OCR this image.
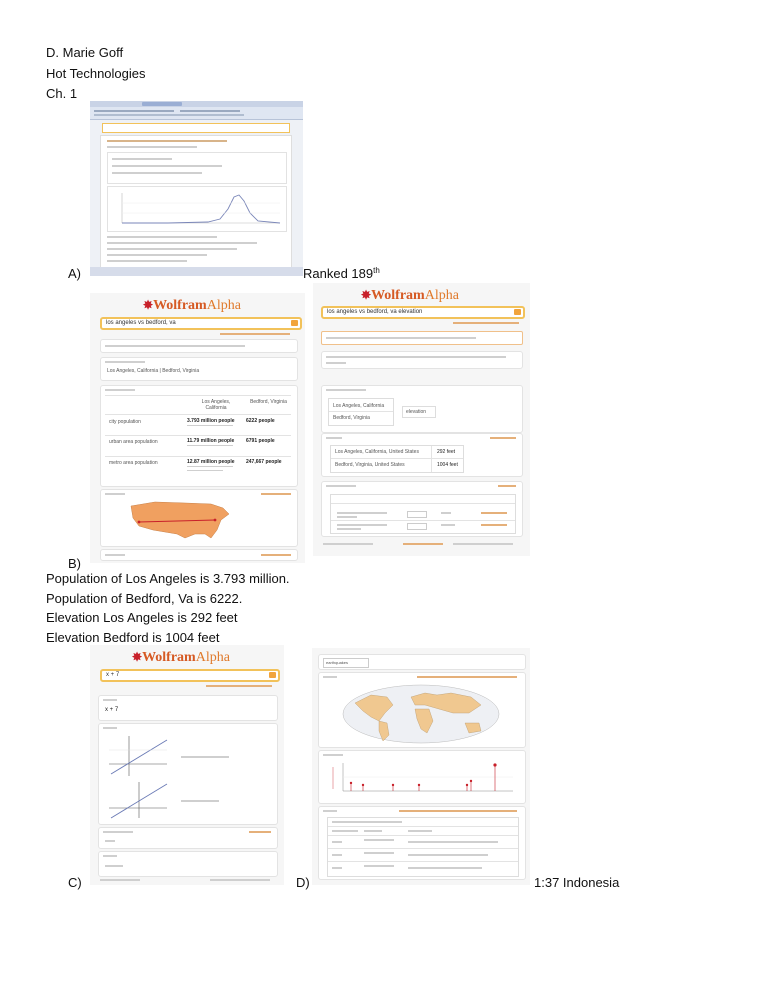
D. Marie Goff
Hot Technologies
Ch. 1
A)	Ranked 189th
✸WolframAlpha
los angeles vs bedford, va
Los Angeles, California | Bedford, Virginia
Los Angeles, California
Bedford, Virginia
city population	3.793 million people 6222 people
urban area population	11.79 million people 6791 people
metro area population	12.87 million people 247,667 people
✸WolframAlpha
los angeles vs bedford, va elevation
Los Angeles, California
Bedford, Virginia
elevation
Los Angeles, California, United States	292 feet
Bedford, Virginia, United States	1004 feet
B)
Population of Los Angeles is 3.793 million.
Population of Bedford, Va is 6222.
Elevation Los Angeles is 292 feet
Elevation Bedford is 1004 feet
✸WolframAlpha
x + 7
x + 7
C)
earthquakes
D)	1:37 Indonesia
